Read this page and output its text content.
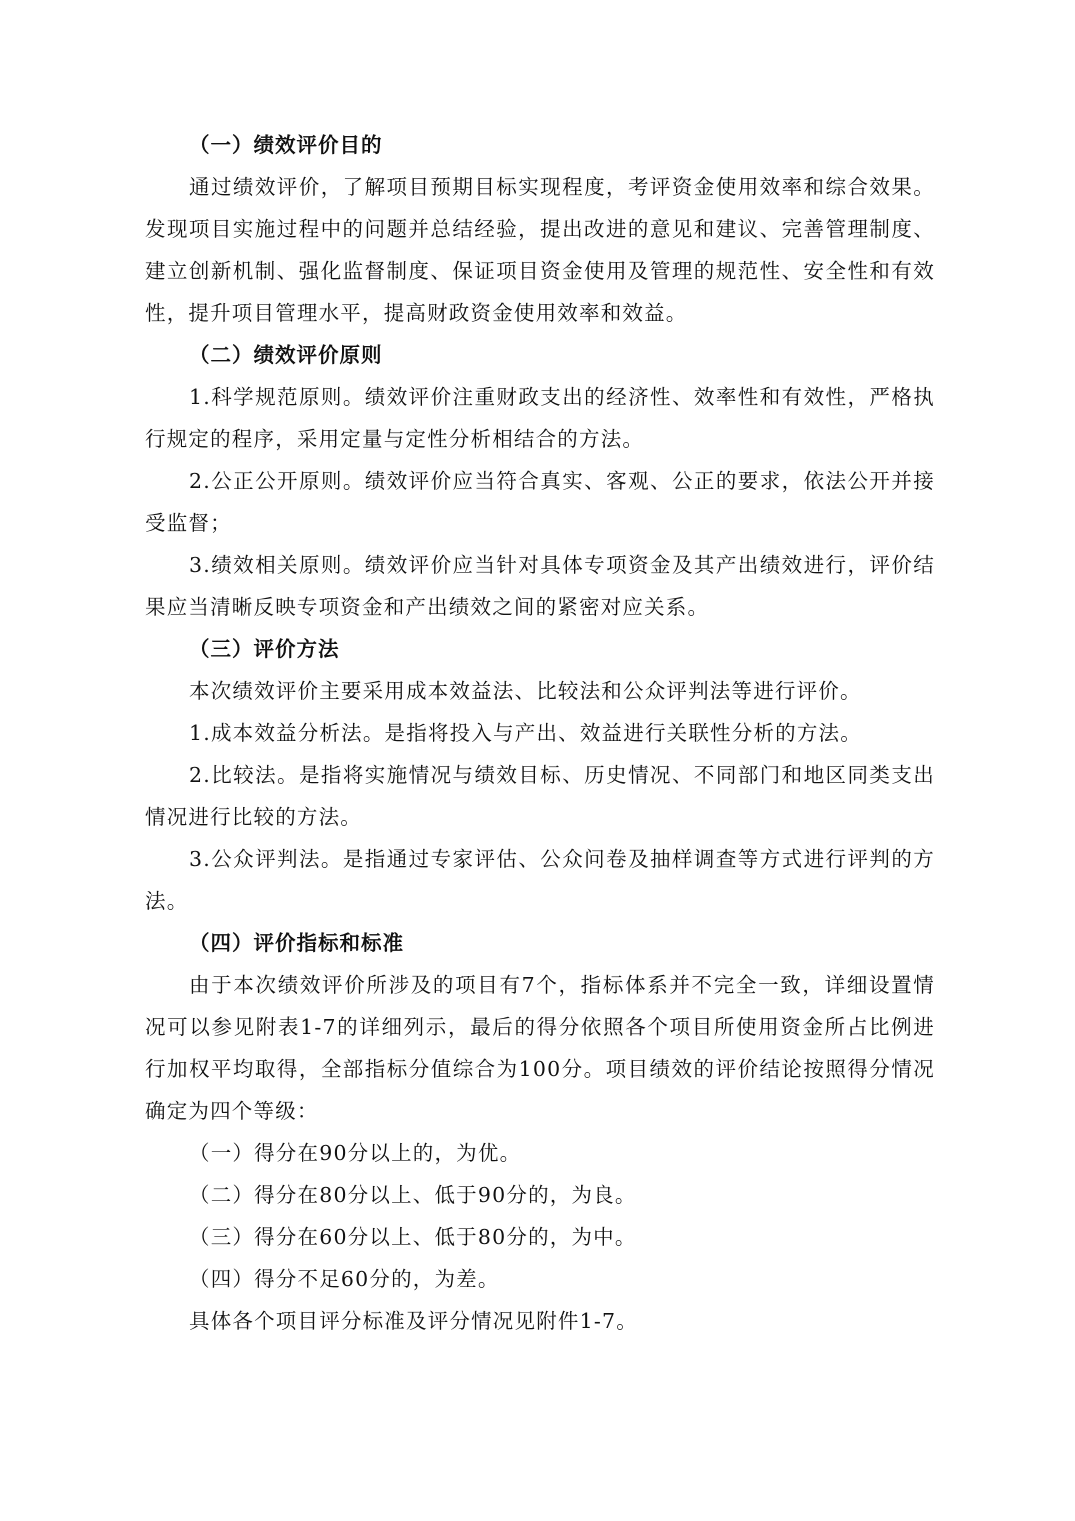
（一）绩效评价目的

通过绩效评价，了解项目预期目标实现程度，考评资金使用效率和综合效果。发现项目实施过程中的问题并总结经验，提出改进的意见和建议、完善管理制度、建立创新机制、强化监督制度、保证项目资金使用及管理的规范性、安全性和有效性，提升项目管理水平，提高财政资金使用效率和效益。

（二）绩效评价原则

1.科学规范原则。绩效评价注重财政支出的经济性、效率性和有效性，严格执行规定的程序，采用定量与定性分析相结合的方法。

2.公正公开原则。绩效评价应当符合真实、客观、公正的要求，依法公开并接受监督；

3.绩效相关原则。绩效评价应当针对具体专项资金及其产出绩效进行，评价结果应当清晰反映专项资金和产出绩效之间的紧密对应关系。

（三）评价方法

本次绩效评价主要采用成本效益法、比较法和公众评判法等进行评价。

1.成本效益分析法。是指将投入与产出、效益进行关联性分析的方法。

2.比较法。是指将实施情况与绩效目标、历史情况、不同部门和地区同类支出情况进行比较的方法。

3.公众评判法。是指通过专家评估、公众问卷及抽样调查等方式进行评判的方法。

（四）评价指标和标准

由于本次绩效评价所涉及的项目有7个，指标体系并不完全一致，详细设置情况可以参见附表1-7的详细列示，最后的得分依照各个项目所使用资金所占比例进行加权平均取得，全部指标分值综合为100分。项目绩效的评价结论按照得分情况确定为四个等级：

（一）得分在90分以上的，为优。

（二）得分在80分以上、低于90分的，为良。

（三）得分在60分以上、低于80分的，为中。

（四）得分不足60分的，为差。

具体各个项目评分标准及评分情况见附件1-7。
